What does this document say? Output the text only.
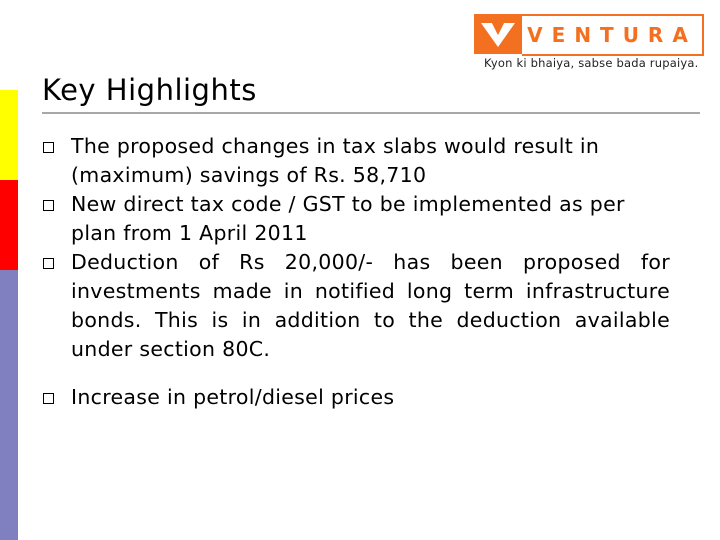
VENTURA
Kyon ki bhaiya, sabse bada rupaiya.
Key Highlights
The proposed changes in tax slabs would result in (maximum) savings of Rs. 58,710
New direct tax code / GST to be implemented as per plan from 1 April 2011
Deduction of Rs 20,000/- has been proposed for investments made in notified long term infrastructure bonds. This is in addition to the deduction available under section 80C.
Increase in petrol/diesel prices
